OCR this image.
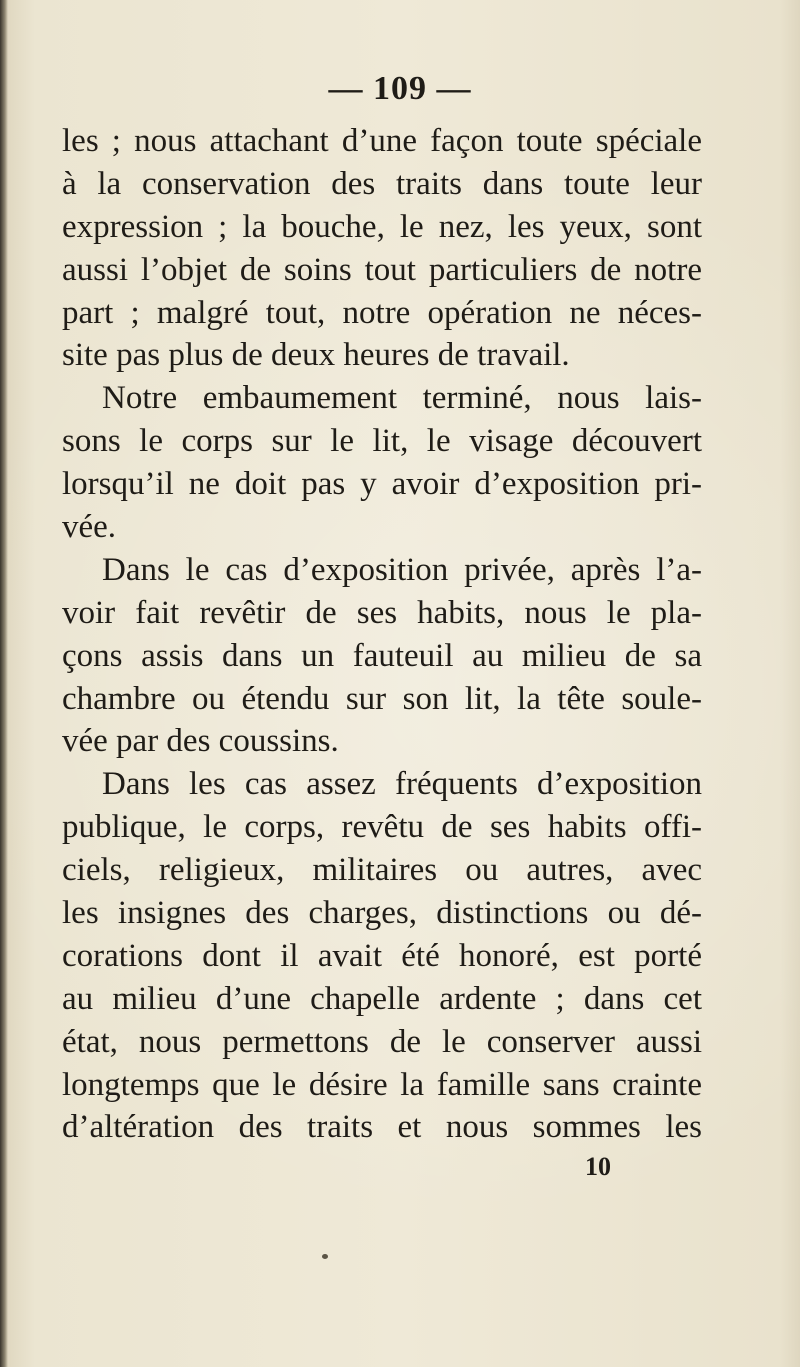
— 109 —
les ; nous attachant d’une façon toute spéciale
à la conservation des traits dans toute leur
expression ; la bouche, le nez, les yeux, sont
aussi l’objet de soins tout particuliers de notre
part ; malgré tout, notre opération ne néces-
site pas plus de deux heures de travail.
Notre embaumement terminé, nous lais-
sons le corps sur le lit, le visage découvert
lorsqu’il ne doit pas y avoir d’exposition pri-
vée.
Dans le cas d’exposition privée, après l’a-
voir fait revêtir de ses habits, nous le pla-
çons assis dans un fauteuil au milieu de sa
chambre ou étendu sur son lit, la tête soule-
vée par des coussins.
Dans les cas assez fréquents d’exposition
publique, le corps, revêtu de ses habits offi-
ciels, religieux, militaires ou autres, avec
les insignes des charges, distinctions ou dé-
corations dont il avait été honoré, est porté
au milieu d’une chapelle ardente ; dans cet
état, nous permettons de le conserver aussi
longtemps que le désire la famille sans crainte
d’altération des traits et nous sommes les
10
